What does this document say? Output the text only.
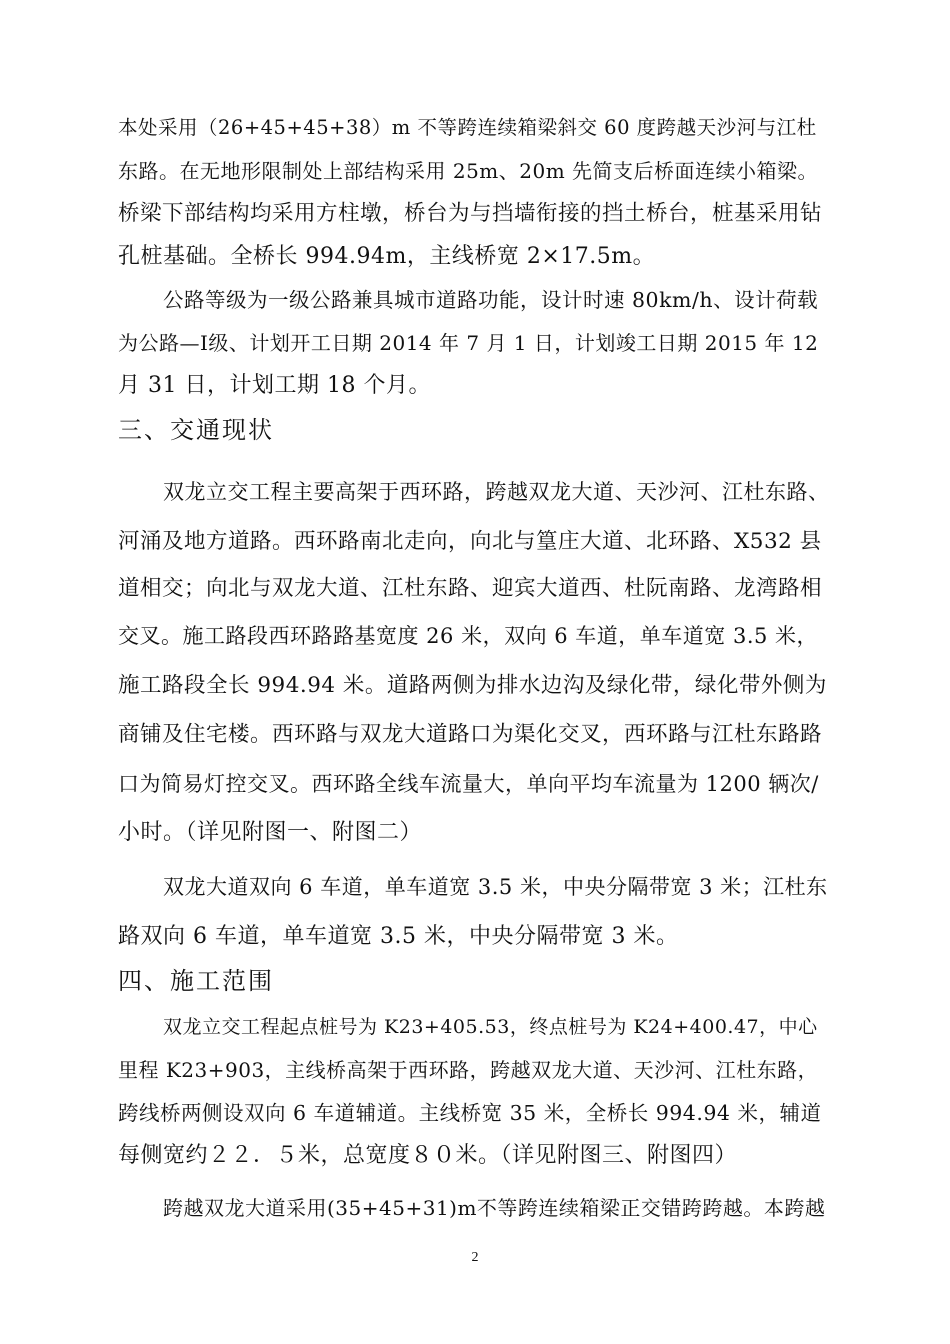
本处采用（26+45+45+38）m 不等跨连续箱梁斜交 60 度跨越天沙河与江杜
东路。在无地形限制处上部结构采用 25m、20m 先简支后桥面连续小箱梁。
桥梁下部结构均采用方柱墩，桥台为与挡墙衔接的挡土桥台，桩基采用钻
孔桩基础。全桥长 994.94m，主线桥宽 2×17.5m。
公路等级为一级公路兼具城市道路功能，设计时速 80km/h、设计荷载
为公路—Ⅰ级、计划开工日期 2014 年 7 月 1 日，计划竣工日期 2015 年 12
月 31 日，计划工期 18 个月。
三、交通现状
双龙立交工程主要高架于西环路，跨越双龙大道、天沙河、江杜东路、
河涌及地方道路。西环路南北走向，向北与篁庄大道、北环路、X532 县
道相交；向北与双龙大道、江杜东路、迎宾大道西、杜阮南路、龙湾路相
交叉。施工路段西环路路基宽度 26 米，双向 6 车道，单车道宽 3.5 米，
施工路段全长 994.94 米。道路两侧为排水边沟及绿化带，绿化带外侧为
商铺及住宅楼。西环路与双龙大道路口为渠化交叉，西环路与江杜东路路
口为简易灯控交叉。西环路全线车流量大，单向平均车流量为 1200 辆次/
小时。（详见附图一、附图二）
双龙大道双向 6 车道，单车道宽 3.5 米，中央分隔带宽 3 米；江杜东
路双向 6 车道，单车道宽 3.5 米，中央分隔带宽 3 米。
四、施工范围
双龙立交工程起点桩号为 K23+405.53，终点桩号为 K24+400.47，中心
里程 K23+903，主线桥高架于西环路，跨越双龙大道、天沙河、江杜东路，
跨线桥两侧设双向 6 车道辅道。主线桥宽 35 米，全桥长 994.94 米，辅道
每侧宽约２２．５米，总宽度８０米。（详见附图三、附图四）
跨越双龙大道采用(35+45+31)m不等跨连续箱梁正交错跨跨越。本跨越
2
